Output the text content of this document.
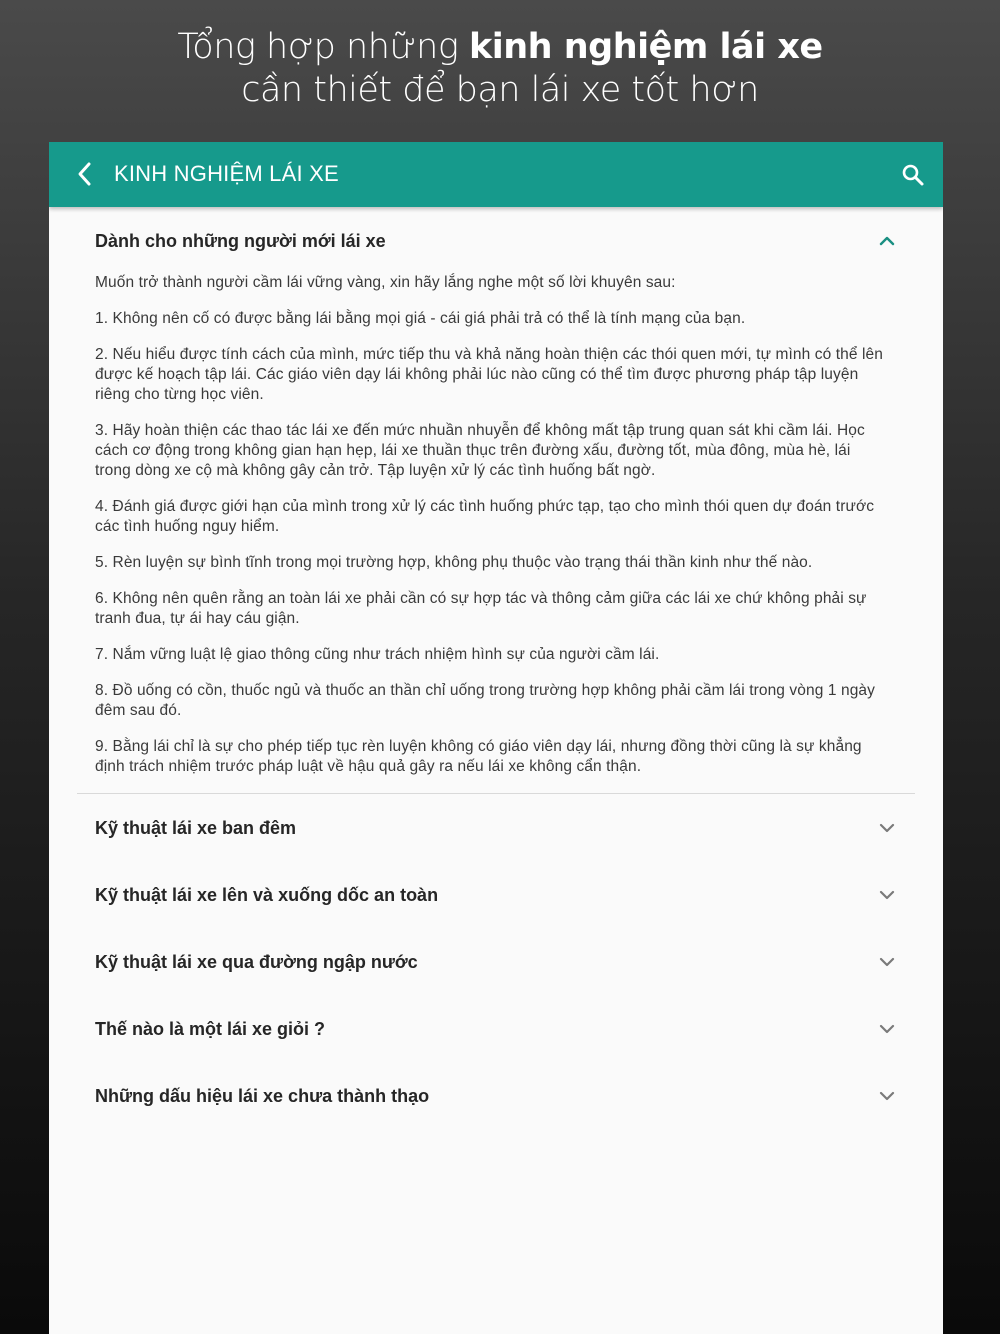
Tổng hợp những kinh nghiệm lái xe
cần thiết để bạn lái xe tốt hơn
KINH NGHIỆM LÁI XE
Dành cho những người mới lái xe

Muốn trở thành người cầm lái vững vàng, xin hãy lắng nghe một số lời khuyên sau:

1. Không nên cố có được bằng lái bằng mọi giá - cái giá phải trả có thể là tính mạng của bạn.

2. Nếu hiểu được tính cách của mình, mức tiếp thu và khả năng hoàn thiện các thói quen mới, tự mình có thể lên được kế hoạch tập lái. Các giáo viên dạy lái không phải lúc nào cũng có thể tìm được phương pháp tập luyện riêng cho từng học viên.

3. Hãy hoàn thiện các thao tác lái xe đến mức nhuần nhuyễn để không mất tập trung quan sát khi cầm lái. Học cách cơ động trong không gian hạn hẹp, lái xe thuần thục trên đường xấu, đường tốt, mùa đông, mùa hè, lái trong dòng xe cộ mà không gây cản trở. Tập luyện xử lý các tình huống bất ngờ.

4. Đánh giá được giới hạn của mình trong xử lý các tình huống phức tạp, tạo cho mình thói quen dự đoán trước các tình huống nguy hiểm.

5. Rèn luyện sự bình tĩnh trong mọi trường hợp, không phụ thuộc vào trạng thái thần kinh như thế nào.

6. Không nên quên rằng an toàn lái xe phải cần có sự hợp tác và thông cảm giữa các lái xe chứ không phải sự tranh đua, tự ái hay cáu giận.

7. Nắm vững luật lệ giao thông cũng như trách nhiệm hình sự của người cầm lái.

8. Đồ uống có cồn, thuốc ngủ và thuốc an thần chỉ uống trong trường hợp không phải cầm lái trong vòng 1 ngày đêm sau đó.

9. Bằng lái chỉ là sự cho phép tiếp tục rèn luyện không có giáo viên dạy lái, nhưng đồng thời cũng là sự khẳng định trách nhiệm trước pháp luật về hậu quả gây ra nếu lái xe không cẩn thận.

Kỹ thuật lái xe ban đêm
Kỹ thuật lái xe lên và xuống dốc an toàn
Kỹ thuật lái xe qua đường ngập nước
Thế nào là một lái xe giỏi ?
Những dấu hiệu lái xe chưa thành thạo
